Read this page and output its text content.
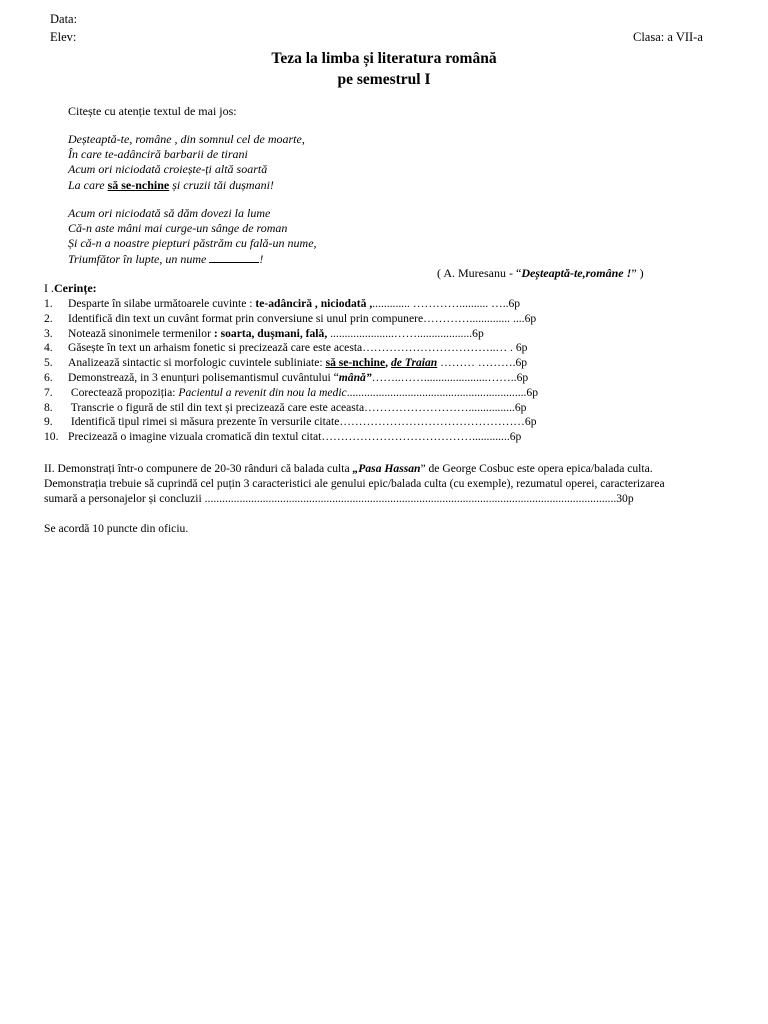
Data:
Elev:	Clasa: a VII-a
Teza la limba și literatura română
pe semestrul I
Citește cu atenție textul de mai jos:
Deșteaptă-te, române , din somnul cel de moarte,
În care te-adânciră barbarii de tirani
Acum ori niciodată croiește-ți altă soartă
La care să se-nchine și cruzii tăi dușmani!
Acum ori niciodată să dăm dovezi la lume
Că-n aste mâni mai curge-un sânge de roman
Și că-n a noastre piepturi păstrăm cu fală-un nume,
Triumfător în lupte, un nume	!
( A. Muresanu - “Deșteaptă-te,române !” )
I .Cerințe:
1. Desparte în silabe următoarele cuvinte : te-adânciră , niciodată ,............. ………….......... …..6p
2. Identifică din text un cuvânt format prin conversiune si unul prin compunere………….............. ....6p
3. Notează sinonimele termenilor : soarta, dușmani, falǎ, ......................……...................6p
4. Găsește în text un arhaism fonetic si precizează care este acesta……………………………..… . 6p
5. Analizează sintactic si morfologic cuvintele subliniate: să se-nchine, de Traian ……… ……….6p
6. Demonstrează, in 3 enunțuri polisemantismul cuvântului “mână”……..……......................……..6p
7. Corectează propoziția: Pacientul a revenit din nou la medic..............................................................6p
8. Transcrie o figură de stil din text și precizează care este aceasta………………………................6p
9. Identifică tipul rimei si măsura prezente în versurile citate…………………………………………6p
10. Precizează o imagine vizuala cromatică din textul citat………………………………….............6p
II. Demonstrați într-o compunere de 20-30 rânduri că balada culta „Pasa Hassan” de George Cosbuc este opera epica/balada culta.
Demonstrația trebuie să cuprindă cel puțin 3 caracteristici ale genului epic/balada culta (cu exemple), rezumatul operei, caracterizarea
sumară a personajelor și concluzii ..............................................................................................................................................30p
Se acordă 10 puncte din oficiu.
